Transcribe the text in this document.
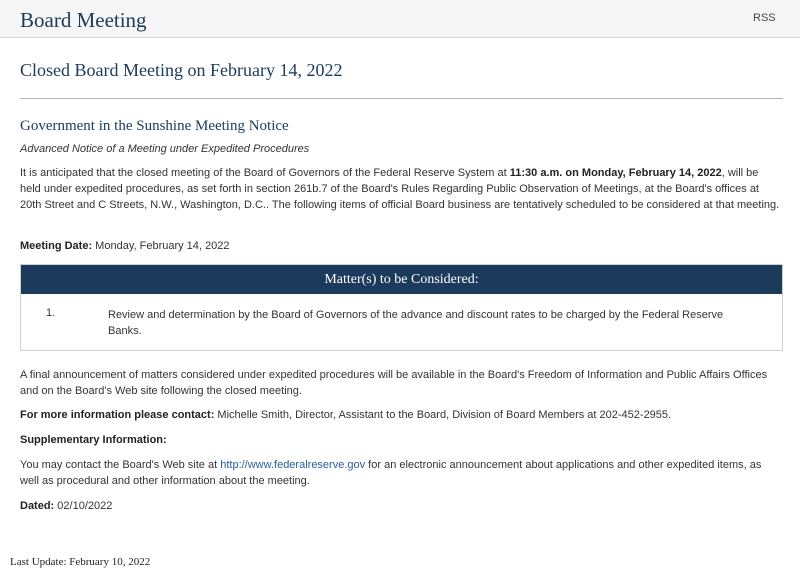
Board Meeting	RSS
Closed Board Meeting on February 14, 2022
Government in the Sunshine Meeting Notice
Advanced Notice of a Meeting under Expedited Procedures

It is anticipated that the closed meeting of the Board of Governors of the Federal Reserve System at 11:30 a.m. on Monday, February 14, 2022, will be held under expedited procedures, as set forth in section 261b.7 of the Board's Rules Regarding Public Observation of Meetings, at the Board's offices at 20th Street and C Streets, N.W., Washington, D.C.. The following items of official Board business are tentatively scheduled to be considered at that meeting.

Meeting Date: Monday, February 14, 2022

Matter(s) to be Considered:
1.	Review and determination by the Board of Governors of the advance and discount rates to be charged by the Federal Reserve Banks.

A final announcement of matters considered under expedited procedures will be available in the Board's Freedom of Information and Public Affairs Offices and on the Board's Web site following the closed meeting.

For more information please contact: Michelle Smith, Director, Assistant to the Board, Division of Board Members at 202-452-2955.

Supplementary Information:

You may contact the Board's Web site at http://www.federalreserve.gov for an electronic announcement about applications and other expedited items, as well as procedural and other information about the meeting.

Dated: 02/10/2022

Last Update: February 10, 2022
